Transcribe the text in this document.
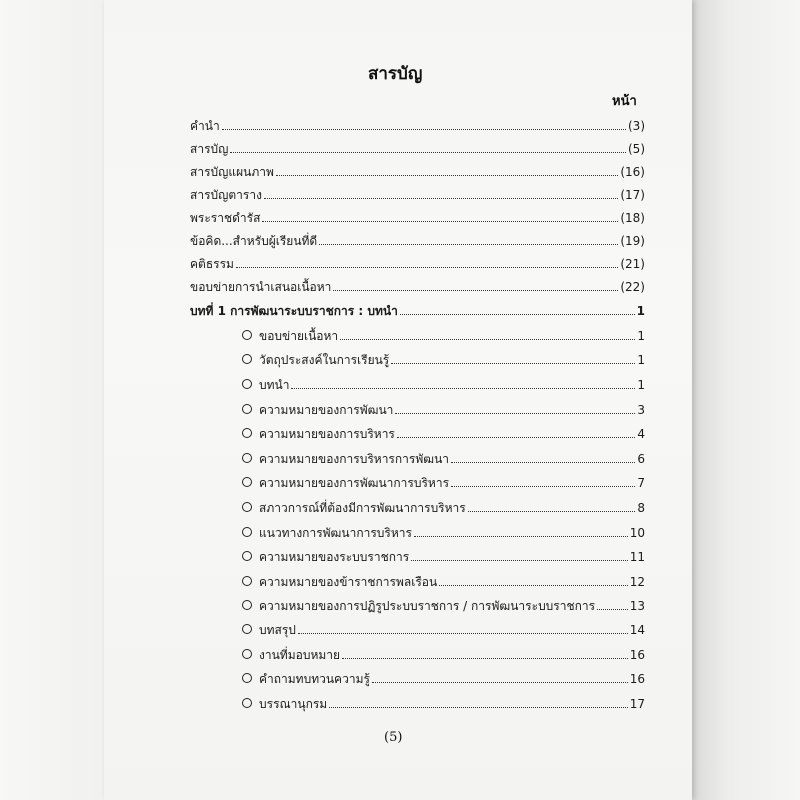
สารบัญ
หน้า
คำนำ	(3)
สารบัญ	(5)
สารบัญแผนภาพ	(16)
สารบัญตาราง	(17)
พระราชดำรัส	(18)
ข้อคิด...สำหรับผู้เรียนที่ดี	(19)
คติธรรม	(21)
ขอบข่ายการนำเสนอเนื้อหา	(22)
บทที่ 1 การพัฒนาระบบราชการ : บทนำ	1
ขอบข่ายเนื้อหา	1
วัตถุประสงค์ในการเรียนรู้	1
บทนำ	1
ความหมายของการพัฒนา	3
ความหมายของการบริหาร	4
ความหมายของการบริหารการพัฒนา	6
ความหมายของการพัฒนาการบริหาร	7
สภาวการณ์ที่ต้องมีการพัฒนาการบริหาร	8
แนวทางการพัฒนาการบริหาร	10
ความหมายของระบบราชการ	11
ความหมายของข้าราชการพลเรือน	12
ความหมายของการปฏิรูประบบราชการ / การพัฒนาระบบราชการ	13
บทสรุป	14
งานที่มอบหมาย	16
คำถามทบทวนความรู้	16
บรรณานุกรม	17
(5)
